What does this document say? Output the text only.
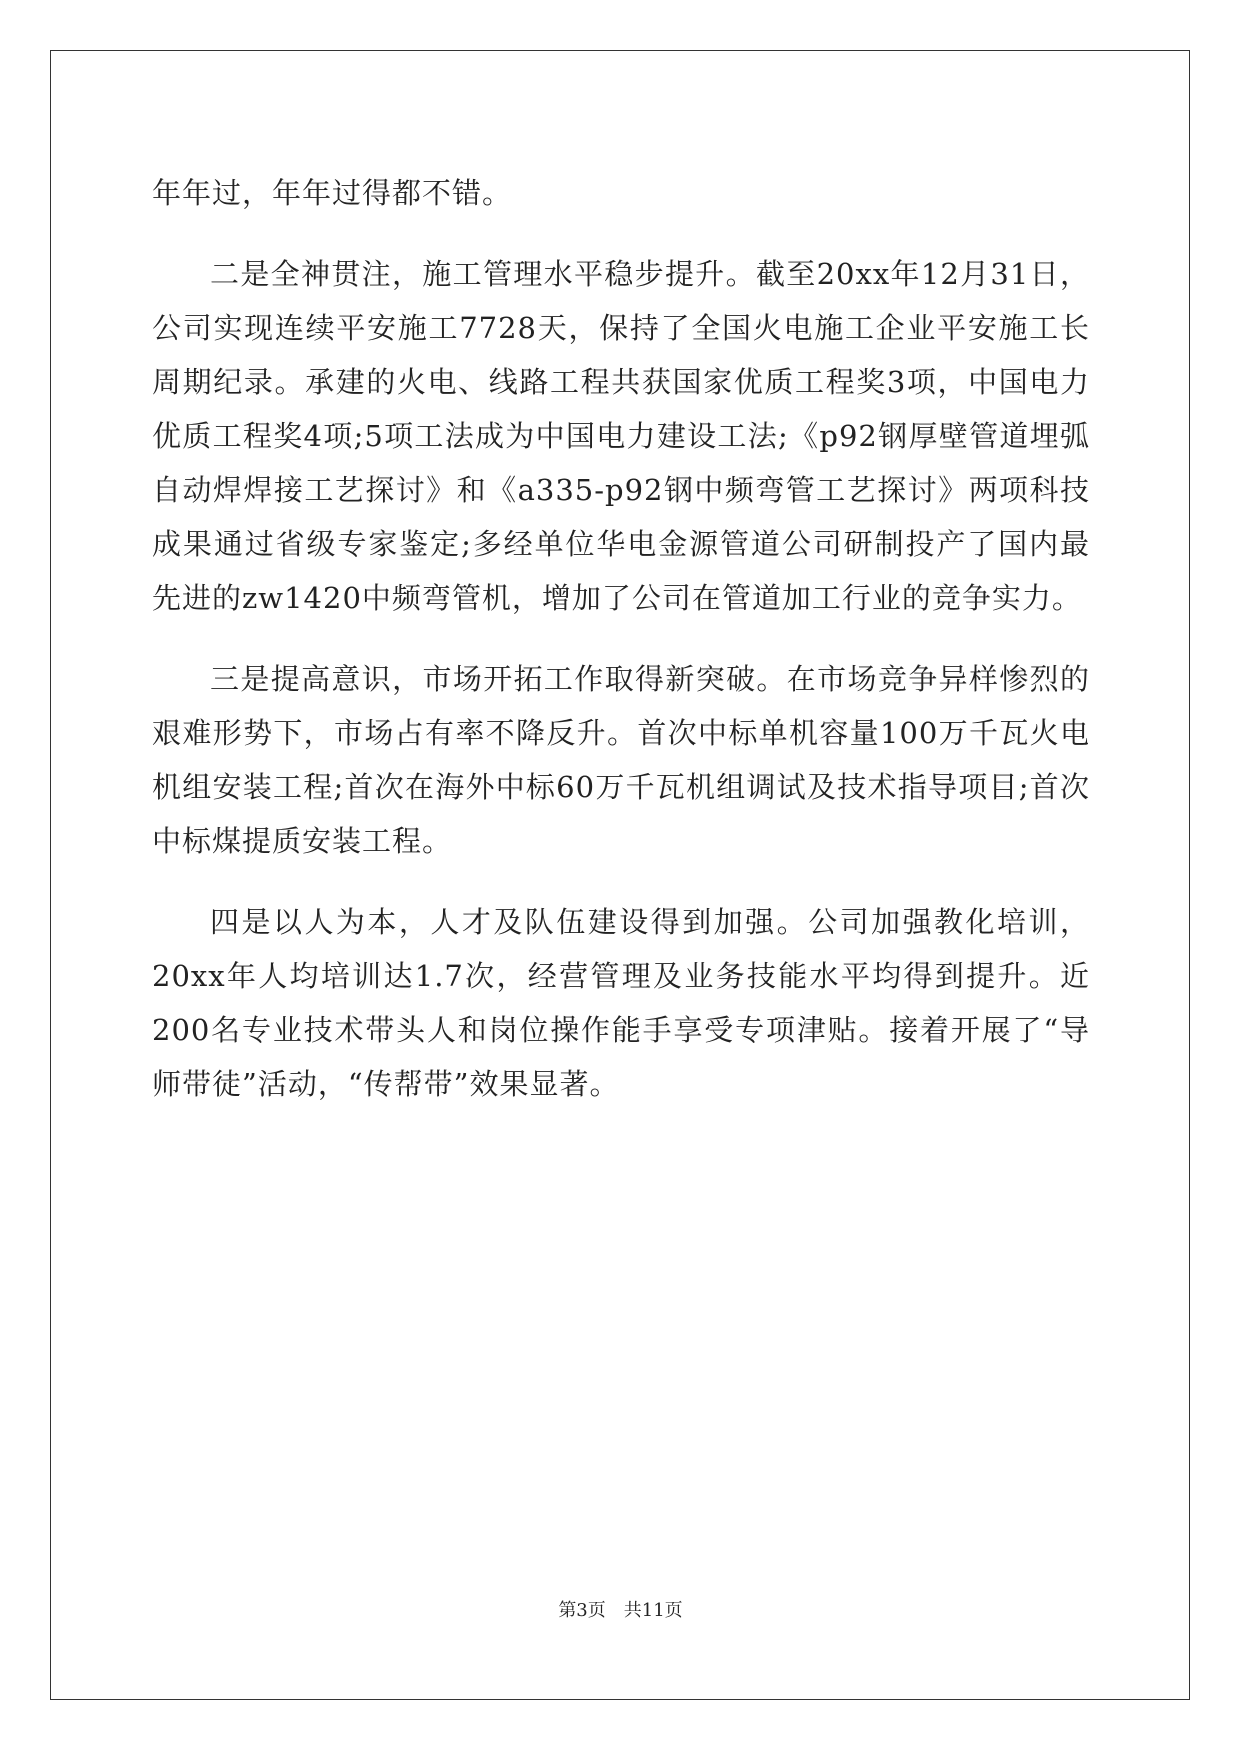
年年过，年年过得都不错。

二是全神贯注，施工管理水平稳步提升。截至20xx年12月31日，公司实现连续平安施工7728天，保持了全国火电施工企业平安施工长周期纪录。承建的火电、线路工程共获国家优质工程奖3项，中国电力优质工程奖4项;5项工法成为中国电力建设工法;《p92钢厚壁管道埋弧自动焊焊接工艺探讨》和《a335-p92钢中频弯管工艺探讨》两项科技成果通过省级专家鉴定;多经单位华电金源管道公司研制投产了国内最先进的zw1420中频弯管机，增加了公司在管道加工行业的竞争实力。

三是提高意识，市场开拓工作取得新突破。在市场竞争异样惨烈的艰难形势下，市场占有率不降反升。首次中标单机容量100万千瓦火电机组安装工程;首次在海外中标60万千瓦机组调试及技术指导项目;首次中标煤提质安装工程。

四是以人为本，人才及队伍建设得到加强。公司加强教化培训，20xx年人均培训达1.7次，经营管理及业务技能水平均得到提升。近200名专业技术带头人和岗位操作能手享受专项津贴。接着开展了“导师带徒”活动，“传帮带”效果显著。

第3页 共11页
